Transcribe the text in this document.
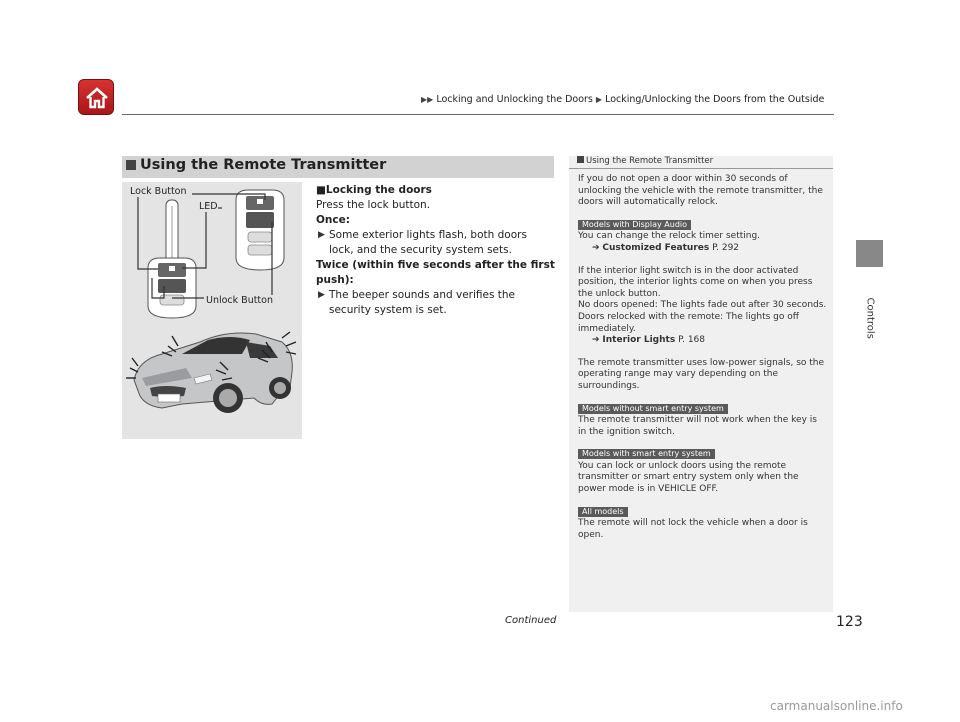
▶▶ Locking and Unlocking the Doors ▶ Locking/Unlocking the Doors from the Outside
Controls
Using the Remote Transmitter
Lock Button
LED
Unlock Button
■Locking the doors
Press the lock button.
Once:
▶ Some exterior lights flash, both doors
lock, and the security system sets.
Twice (within five seconds after the first
push):
▶ The beeper sounds and verifies the
security system is set.
Using the Remote Transmitter

If you do not open a door within 30 seconds of unlocking the vehicle with the remote transmitter, the doors will automatically relock.

Models with Display Audio
You can change the relock timer setting.

➔ Customized Features P. 292

If the interior light switch is in the door activated position, the interior lights come on when you press the unlock button.
No doors opened: The lights fade out after 30 seconds.
Doors relocked with the remote: The lights go off immediately.

➔ Interior Lights P. 168

The remote transmitter uses low-power signals, so the operating range may vary depending on the surroundings.

Models without smart entry system

The remote transmitter will not work when the key is in the ignition switch.

Models with smart entry system

You can lock or unlock doors using the remote transmitter or smart entry system only when the power mode is in VEHICLE OFF.

All models

The remote will not lock the vehicle when a door is open.

Continued	123
carmanualsonline.info
